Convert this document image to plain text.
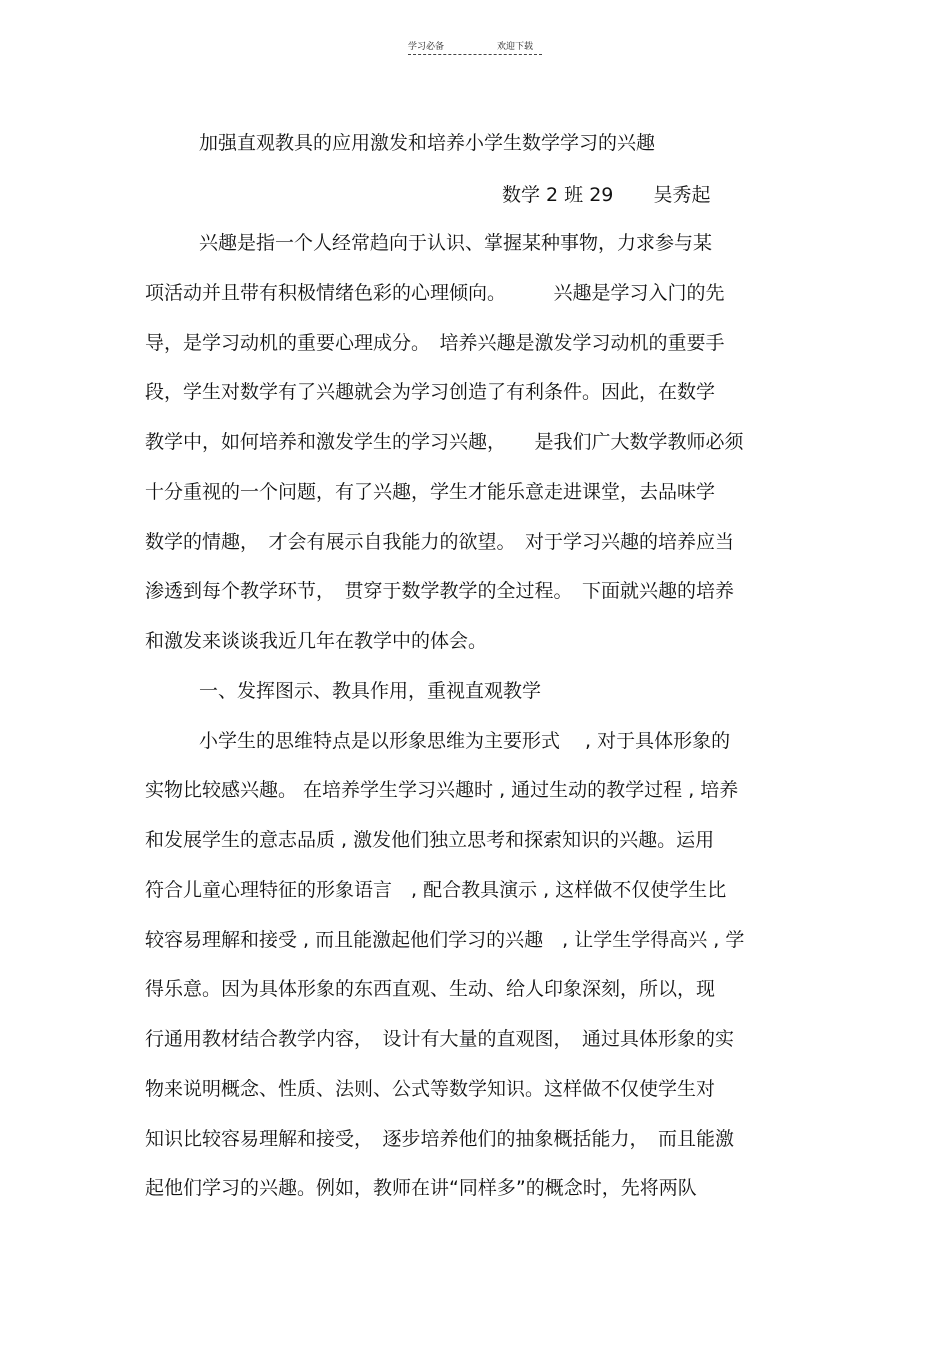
学习必备	欢迎下载
加强直观教具的应用激发和培养小学生数学学习的兴趣
数学 2 班 29 吴秀起
兴趣是指一个人经常趋向于认识、掌握某种事物，力求参与某
项活动并且带有积极情绪色彩的心理倾向。　　　兴趣是学习入门的先
导，是学习动机的重要心理成分。　培养兴趣是激发学习动机的重要手
段，学生对数学有了兴趣就会为学习创造了有利条件。因此，在数学
教学中，如何培养和激发学生的学习兴趣，　　是我们广大数学教师必须
十分重视的一个问题，有了兴趣，学生才能乐意走进课堂，去品味学
数学的情趣，　才会有展示自我能力的欲望。　对于学习兴趣的培养应当
渗透到每个教学环节，　贯穿于数学教学的全过程。　下面就兴趣的培养
和激发来谈谈我近几年在教学中的体会。
一、发挥图示、教具作用，重视直观教学
小学生的思维特点是以形象思维为主要形式　 , 对于具体形象的
实物比较感兴趣。 在培养学生学习兴趣时 , 通过生动的教学过程 , 培养
和发展学生的意志品质 , 激发他们独立思考和探索知识的兴趣。运用
符合儿童心理特征的形象语言　, 配合教具演示 , 这样做不仅使学生比
较容易理解和接受 , 而且能激起他们学习的兴趣　, 让学生学得高兴 , 学
得乐意。因为具体形象的东西直观、生动、给人印象深刻，所以，现
行通用教材结合教学内容，　设计有大量的直观图，　通过具体形象的实
物来说明概念、性质、法则、公式等数学知识。这样做不仅使学生对
知识比较容易理解和接受，　逐步培养他们的抽象概括能力，　而且能激
起他们学习的兴趣。例如，教师在讲“同样多”的概念时，先将两队
